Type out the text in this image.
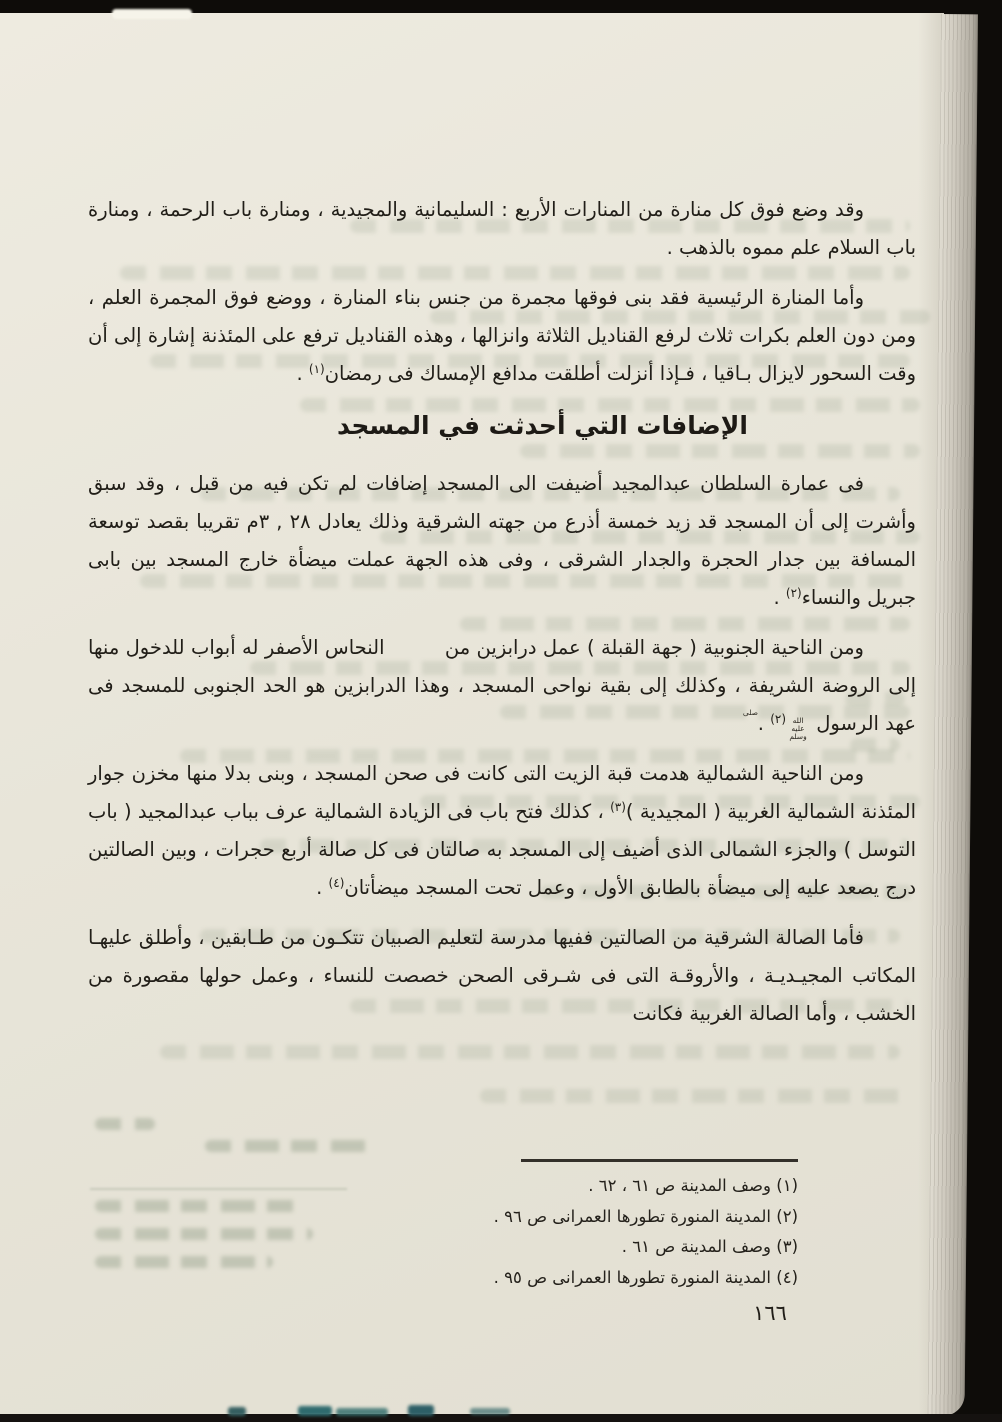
وقد وضع فوق كل منارة من المنارات الأربع : السليمانية والمجيدية ، ومنارة باب الرحمة ، ومنارة باب السلام علم مموه بالذهب .

وأما المنارة الرئيسية فقد بنى فوقها مجمرة من جنس بناء المنارة ، ووضع فوق المجمرة العلم ، ومن دون العلم بكرات ثلاث لرفع القناديل الثلاثة وانزالها ، وهذه القناديل ترفع على المئذنة إشارة إلى أن وقت السحور لايزال بـاقيا ، فـإذا أنزلت أطلقت مدافع الإمساك فى رمضان$^{(١)}$ .

الإضافات التي أحدثت في المسجد

فى عمارة السلطان عبدالمجيد أضيفت الى المسجد إضافات لم تكن فيه من قبل ، وقد سبق وأشرت إلى أن المسجد قد زيد خمسة أذرع من جهته الشرقية وذلك يعادل ٢٨ , ٣م تقريبا بقصد توسعة المسافة بين جدار الحجرة والجدار الشرقى ، وفى هذه الجهة عملت ميضأة خارج المسجد بين بابى جبريل والنساء$^{(٢)}$ .

ومن الناحية الجنوبية ( جهة القبلة ) عمل درابزين من النحاس الأصفر له أبواب للدخول منها إلى الروضة الشريفة ، وكذلك إلى بقية نواحى المسجد ، وهذا الدرابزين هو الحد الجنوبى للمسجد فى عهد الرسول صلى الله عليه وسلم$^{(٢)}$ .

ومن الناحية الشمالية هدمت قبة الزيت التى كانت فى صحن المسجد ، وبنى بدلا منها مخزن جوار المئذنة الشمالية الغربية ( المجيدية )$^{(٣)}$ ، كذلك فتح باب فى الزيادة الشمالية عرف بباب عبدالمجيد ( باب التوسل ) والجزء الشمالى الذى أضيف إلى المسجد به صالتان فى كل صالة أربع حجرات ، وبين الصالتين درج يصعد عليه إلى ميضأة بالطابق الأول ، وعمل تحت المسجد ميضأتان$^{(٤)}$ .

فأما الصالة الشرقية من الصالتين ففيها مدرسة لتعليم الصبيان تتكـون من طـابقين ، وأطلق عليهـا المكاتب المجيـديـة ، والأروقـة التى فى شـرقى الصحن خصصت للنساء ، وعمل حولها مقصورة من الخشب ، وأما الصالة الغربية فكانت

(١) وصف المدينة ص ٦١ ، ٦٢ .
(٢) المدينة المنورة تطورها العمرانى ص ٩٦ .
(٣) وصف المدينة ص ٦١ .
(٤) المدينة المنورة تطورها العمرانى ص ٩٥ .
١٦٦
